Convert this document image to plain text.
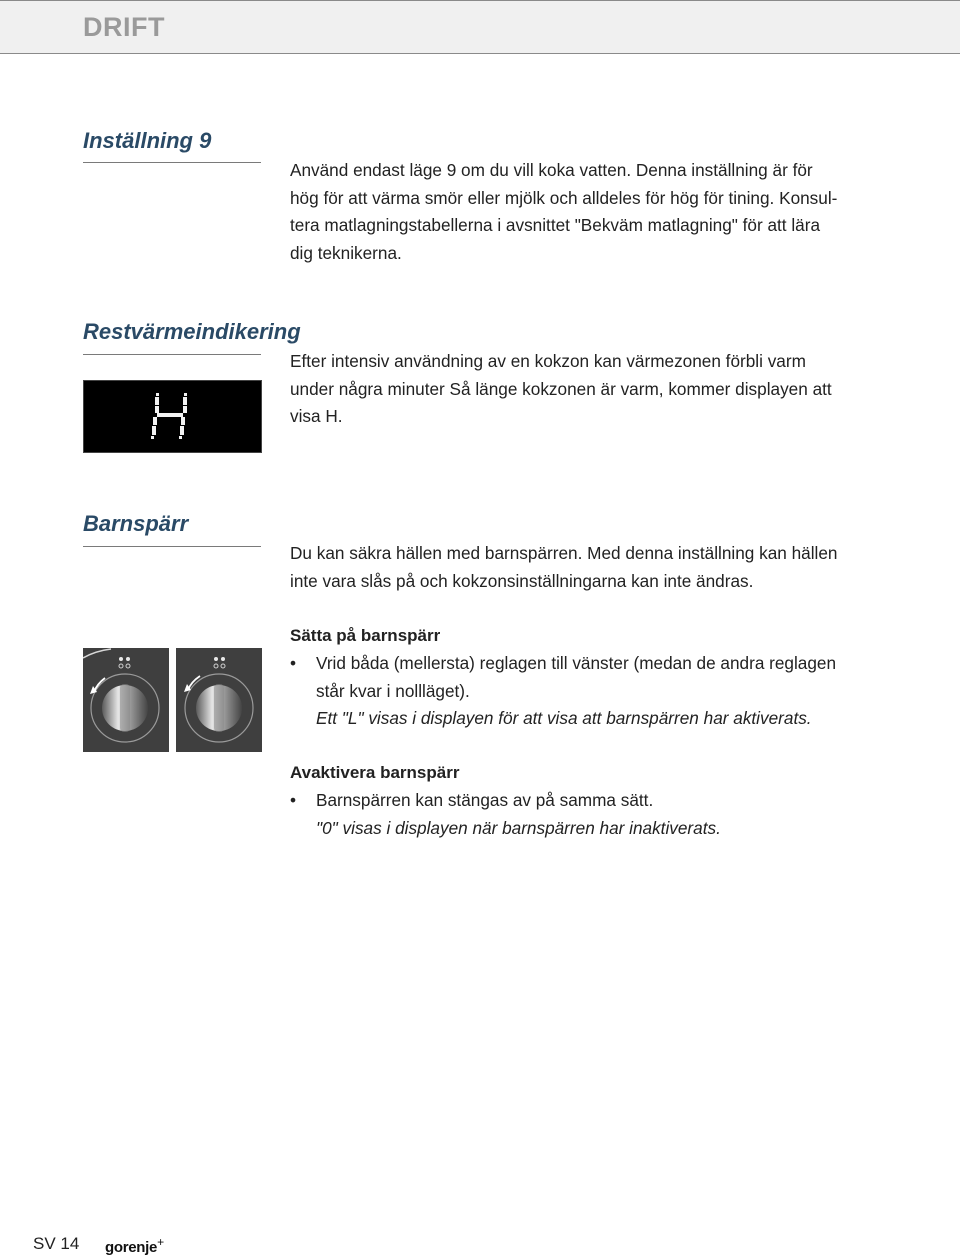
DRIFT
Inställning 9
Använd endast läge 9 om du vill koka vatten. Denna inställning är för
hög för att värma smör eller mjölk och alldeles för hög för tining. Konsul-
tera matlagningstabellerna i avsnittet "Bekväm matlagning" för att lära
dig teknikerna.
Restvärmeindikering
Efter intensiv användning av en kokzon kan värmezonen förbli varm
under några minuter Så länge kokzonen är varm, kommer displayen att
visa H.
Barnspärr
Du kan säkra hällen med barnspärren. Med denna inställning kan hällen
inte vara slås på och kokzonsinställningarna kan inte ändras.
Sätta på barnspärr
• Vrid båda (mellersta) reglagen till vänster (medan de andra reglagen
står kvar i nollläget).
Ett "L" visas i displayen för att visa att barnspärren har aktiverats.
Avaktivera barnspärr
• Barnspärren kan stängas av på samma sätt.
"0" visas i displayen när barnspärren har inaktiverats.
SV 14 gorenje+
